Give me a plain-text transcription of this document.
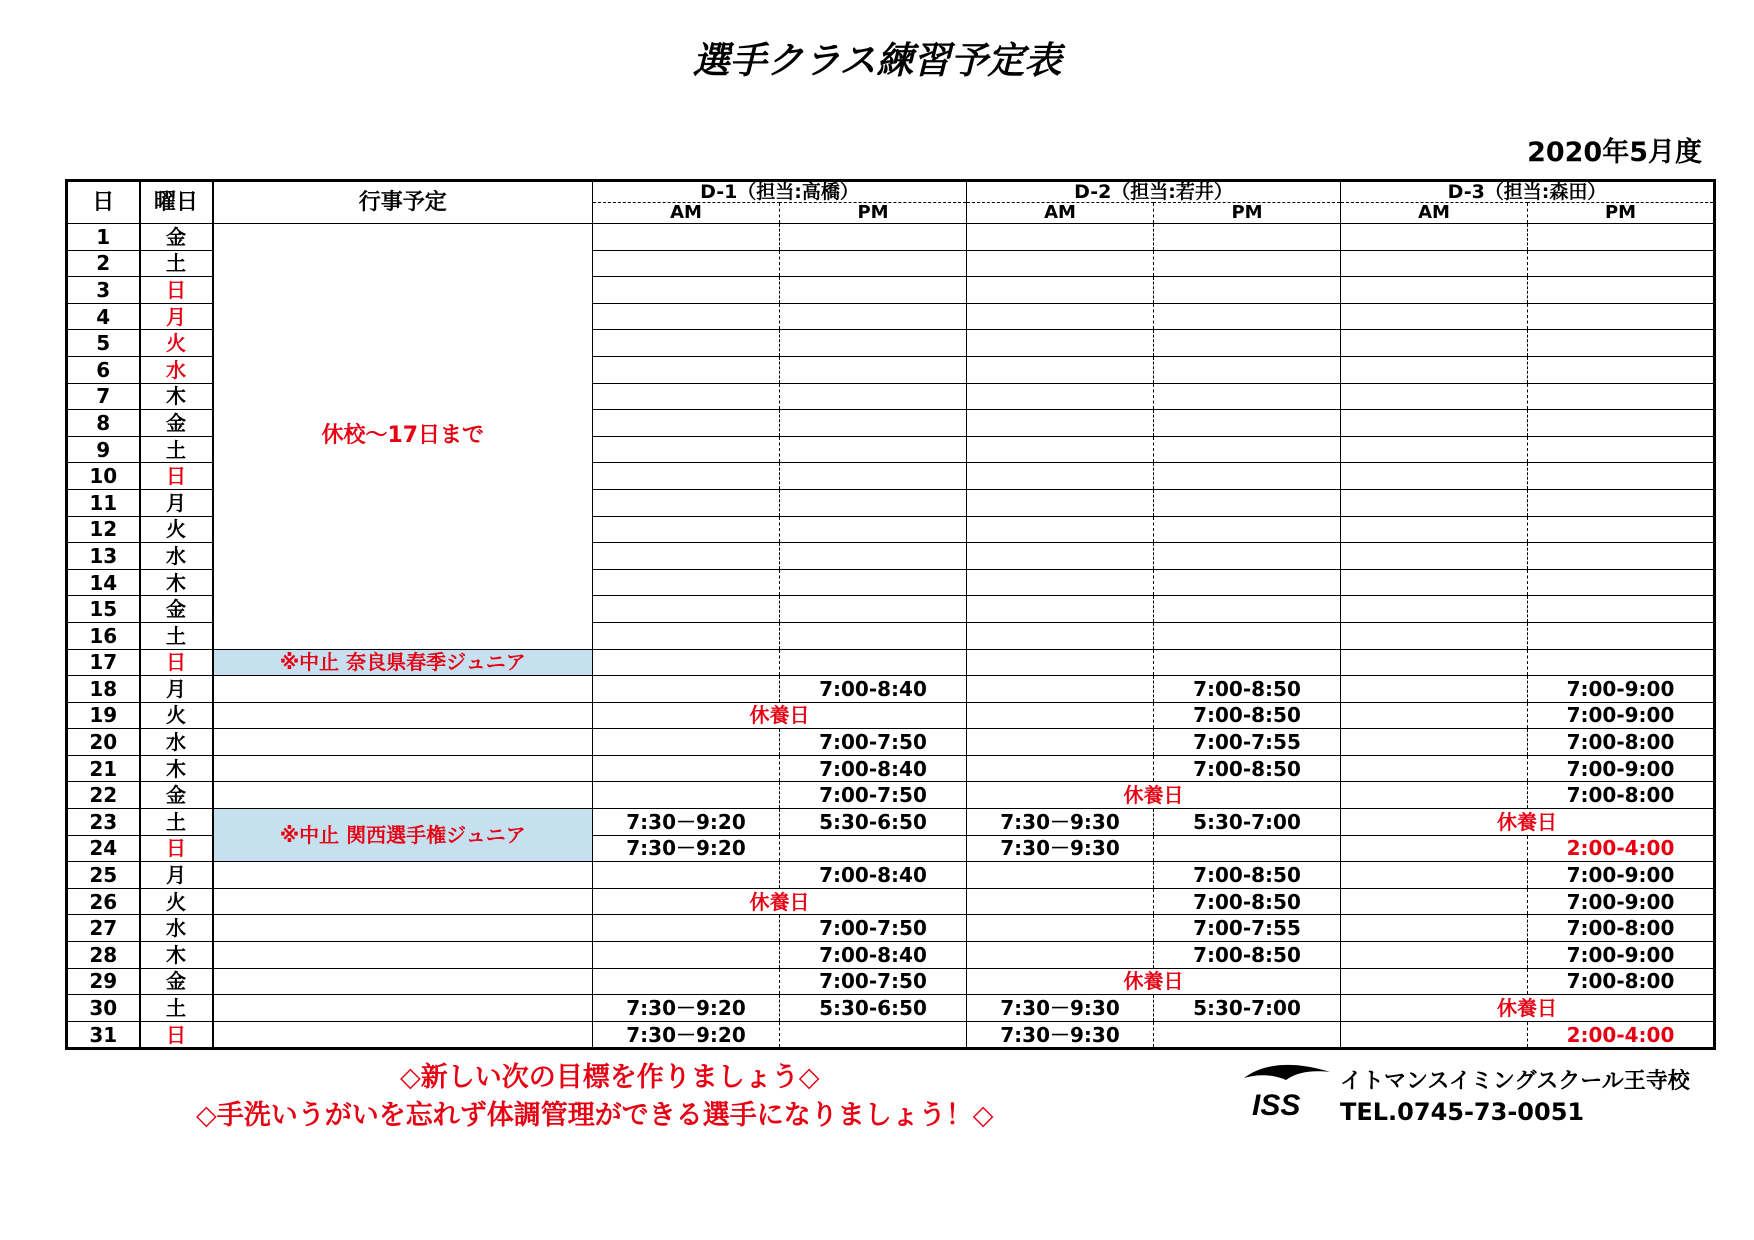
選手クラス練習予定表
2020年5月度
日	曜日	行事予定	D-1（担当:高橋）		D-2（担当:若井）		D-3（担当:森田）	
			AM	PM	AM	PM	AM	PM
1	金	休校～17日まで						
2	土							
3	日							
4	月							
5	火							
6	水							
7	木							
8	金							
9	土							
10	日							
11	月							
12	火							
13	水							
14	木							
15	金							
16	土							
17	日	※中止 奈良県春季ジュニア						
18	月			7:00-8:40		7:00-8:50		7:00-9:00
19	火		休養日			7:00-8:50		7:00-9:00
20	水			7:00-7:50		7:00-7:55		7:00-8:00
21	木			7:00-8:40		7:00-8:50		7:00-9:00
22	金			7:00-7:50	休養日			7:00-8:00
23	土	※中止 関西選手権ジュニア	7:30－9:20	5:30-6:50	7:30－9:30	5:30-7:00	休養日	
24	日		7:30－9:20		7:30－9:30			2:00-4:00
25	月			7:00-8:40		7:00-8:50		7:00-9:00
26	火		休養日			7:00-8:50		7:00-9:00
27	水			7:00-7:50		7:00-7:55		7:00-8:00
28	木			7:00-8:40		7:00-8:50		7:00-9:00
29	金			7:00-7:50	休養日			7:00-8:00
30	土		7:30－9:20	5:30-6:50	7:30－9:30	5:30-7:00	休養日	
31	日		7:30－9:20		7:30－9:30			2:00-4:00
◇新しい次の目標を作りましょう◇
◇手洗いうがいを忘れず体調管理ができる選手になりましょう！◇	ISS
イトマンスイミングスクール王寺校
TEL.0745-73-0051
